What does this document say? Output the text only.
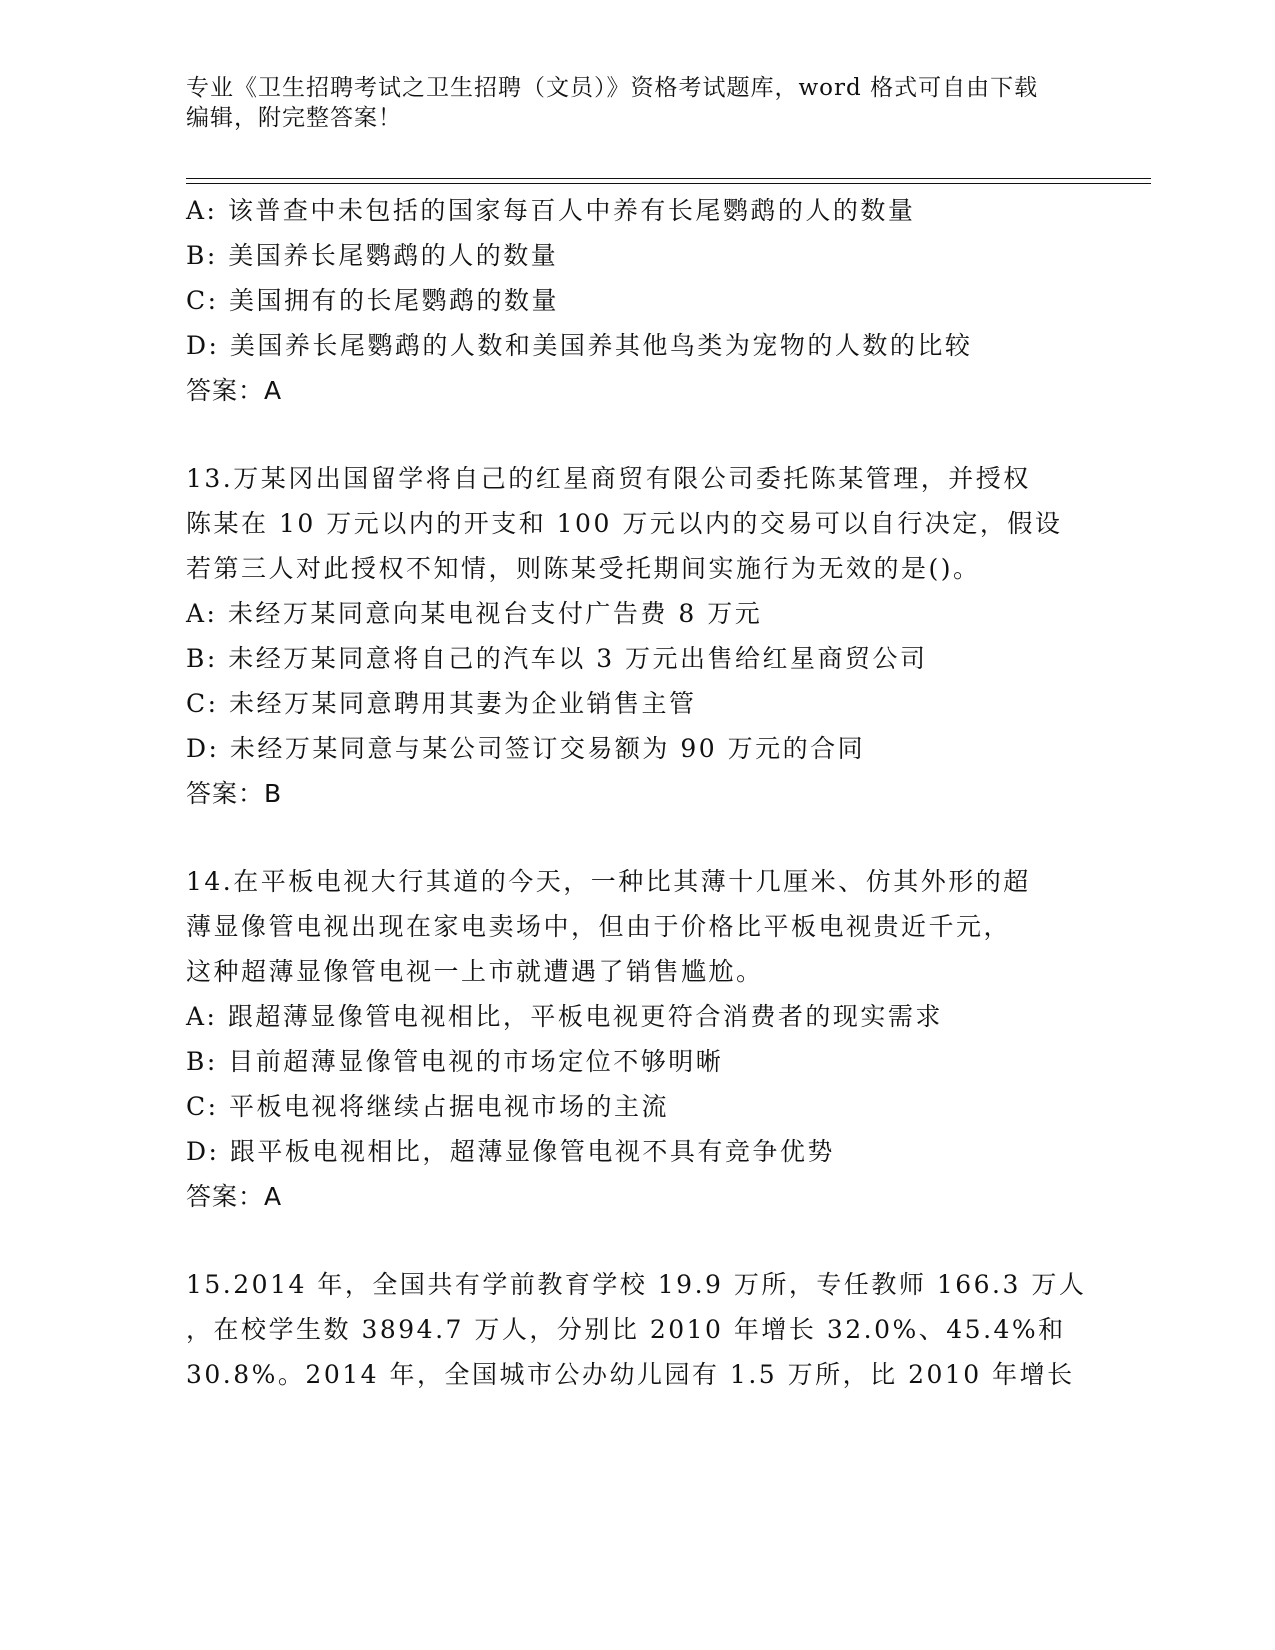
专业《卫生招聘考试之卫生招聘（文员）》资格考试题库，word 格式可自由下载
编辑，附完整答案！
A: 该普查中未包括的国家每百人中养有长尾鹦鹉的人的数量
B: 美国养长尾鹦鹉的人的数量
C: 美国拥有的长尾鹦鹉的数量
D: 美国养长尾鹦鹉的人数和美国养其他鸟类为宠物的人数的比较
答案：A
13.万某冈出国留学将自己的红星商贸有限公司委托陈某管理，并授权
陈某在 10 万元以内的开支和 100 万元以内的交易可以自行决定，假设
若第三人对此授权不知情，则陈某受托期间实施行为无效的是()。
A: 未经万某同意向某电视台支付广告费 8 万元
B: 未经万某同意将自己的汽车以 3 万元出售给红星商贸公司
C: 未经万某同意聘用其妻为企业销售主管
D: 未经万某同意与某公司签订交易额为 90 万元的合同
答案：B
14.在平板电视大行其道的今天，一种比其薄十几厘米、仿其外形的超
薄显像管电视出现在家电卖场中，但由于价格比平板电视贵近千元，
这种超薄显像管电视一上市就遭遇了销售尴尬。
A: 跟超薄显像管电视相比，平板电视更符合消费者的现实需求
B: 目前超薄显像管电视的市场定位不够明晰
C: 平板电视将继续占据电视市场的主流
D: 跟平板电视相比，超薄显像管电视不具有竞争优势
答案：A
15.2014 年，全国共有学前教育学校 19.9 万所，专任教师 166.3 万人
，在校学生数 3894.7 万人，分别比 2010 年增长 32.0%、45.4%和
30.8%。2014 年，全国城市公办幼儿园有 1.5 万所，比 2010 年增长
